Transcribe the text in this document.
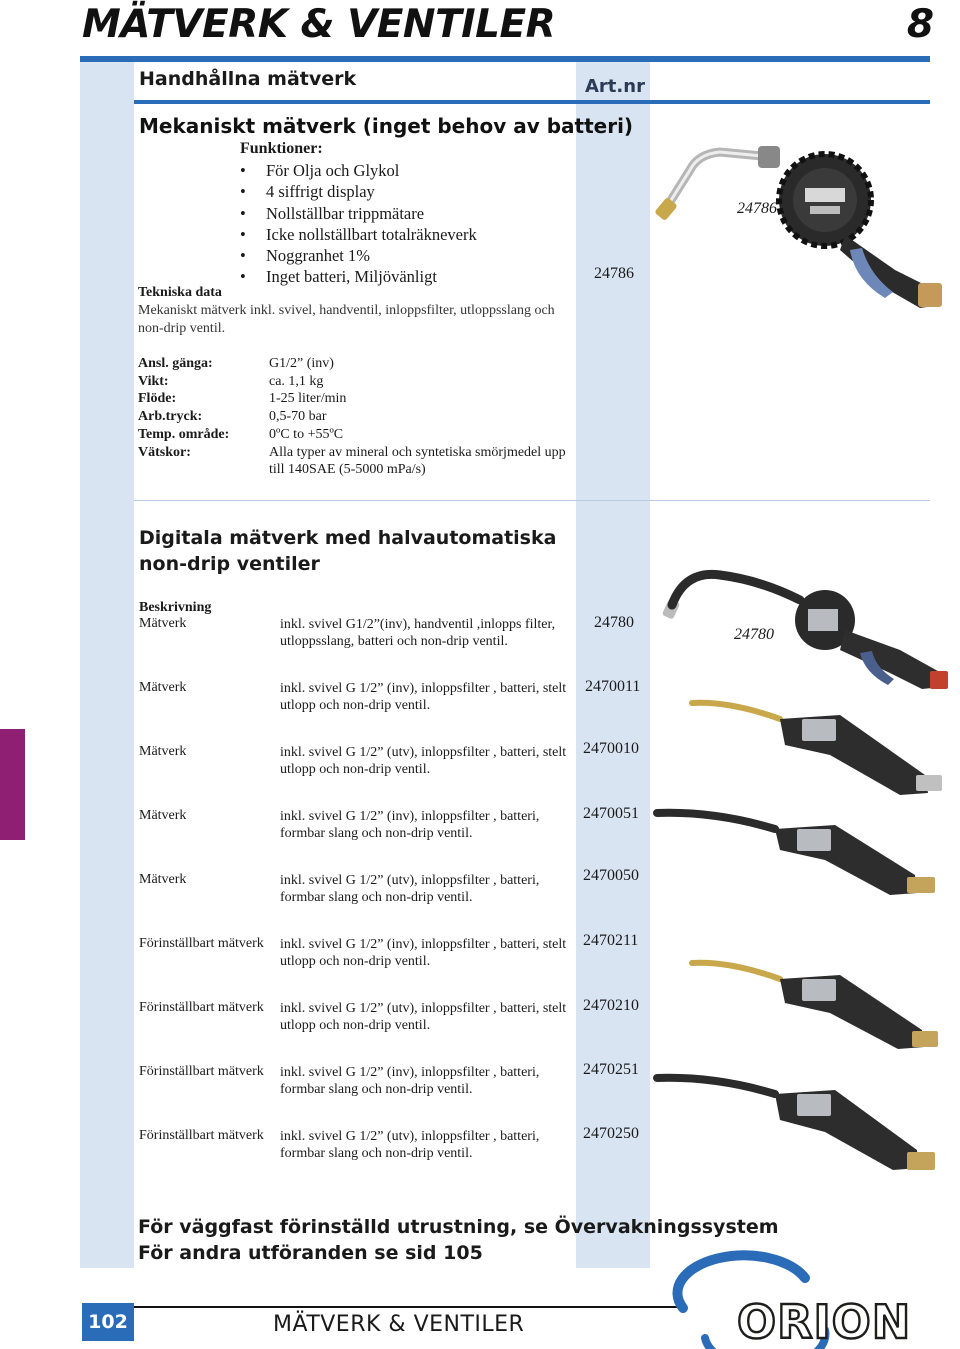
MÄTVERK & VENTILER	8
Handhållna mätverk	Art.nr
Mekaniskt mätverk (inget behov av batteri)
Funktioner:
• För Olja och Glykol
• 4 siffrigt display
• Nollställbar trippmätare
• Icke nollställbart totalräkneverk
• Noggranhet 1%
• Inget batteri, Miljövänligt
Tekniska data
Mekaniskt mätverk inkl. svivel, handventil, inloppsfilter, utloppsslang och non-drip ventil.
Ansl. gänga:	G1/2” (inv)
Vikt:	ca. 1,1 kg
Flöde:	1-25 liter/min
Arb.tryck:	0,5-70 bar
Temp. område:	0ºC to +55ºC
Vätskor:	Alla typer av mineral och syntetiska smörjmedel upp till 140SAE (5-5000 mPa/s)
24786
24786
Digitala mätverk med halvautomatiska non-drip ventiler
Beskrivning
Mätverk	inkl. svivel G1/2”(inv), handventil ,inlopps filter, utloppsslang, batteri och non-drip ventil.
24780
Mätverk	inkl. svivel G 1/2” (inv), inloppsfilter , batteri, stelt utlopp och non-drip ventil.
2470011
Mätverk	inkl. svivel G 1/2” (utv), inloppsfilter , batteri, stelt utlopp och non-drip ventil.
2470010
Mätverk	inkl. svivel G 1/2” (inv), inloppsfilter , batteri, formbar slang och non-drip ventil.
2470051
Mätverk	inkl. svivel G 1/2” (utv), inloppsfilter , batteri, formbar slang och non-drip ventil.
2470050
Förinställbart mätverk inkl. svivel G 1/2” (inv), inloppsfilter , batteri, stelt utlopp och non-drip ventil.
2470211
Förinställbart mätverk inkl. svivel G 1/2” (utv), inloppsfilter , batteri, stelt utlopp och non-drip ventil.
2470210
Förinställbart mätverk inkl. svivel G 1/2” (inv), inloppsfilter , batteri, formbar slang och non-drip ventil.
2470251
Förinställbart mätverk inkl. svivel G 1/2” (utv), inloppsfilter , batteri, formbar slang och non-drip ventil.
2470250
24780
För väggfast förinställd utrustning, se Övervakningssystem
För andra utföranden se sid 105
102	MÄTVERK & VENTILER	ORION
